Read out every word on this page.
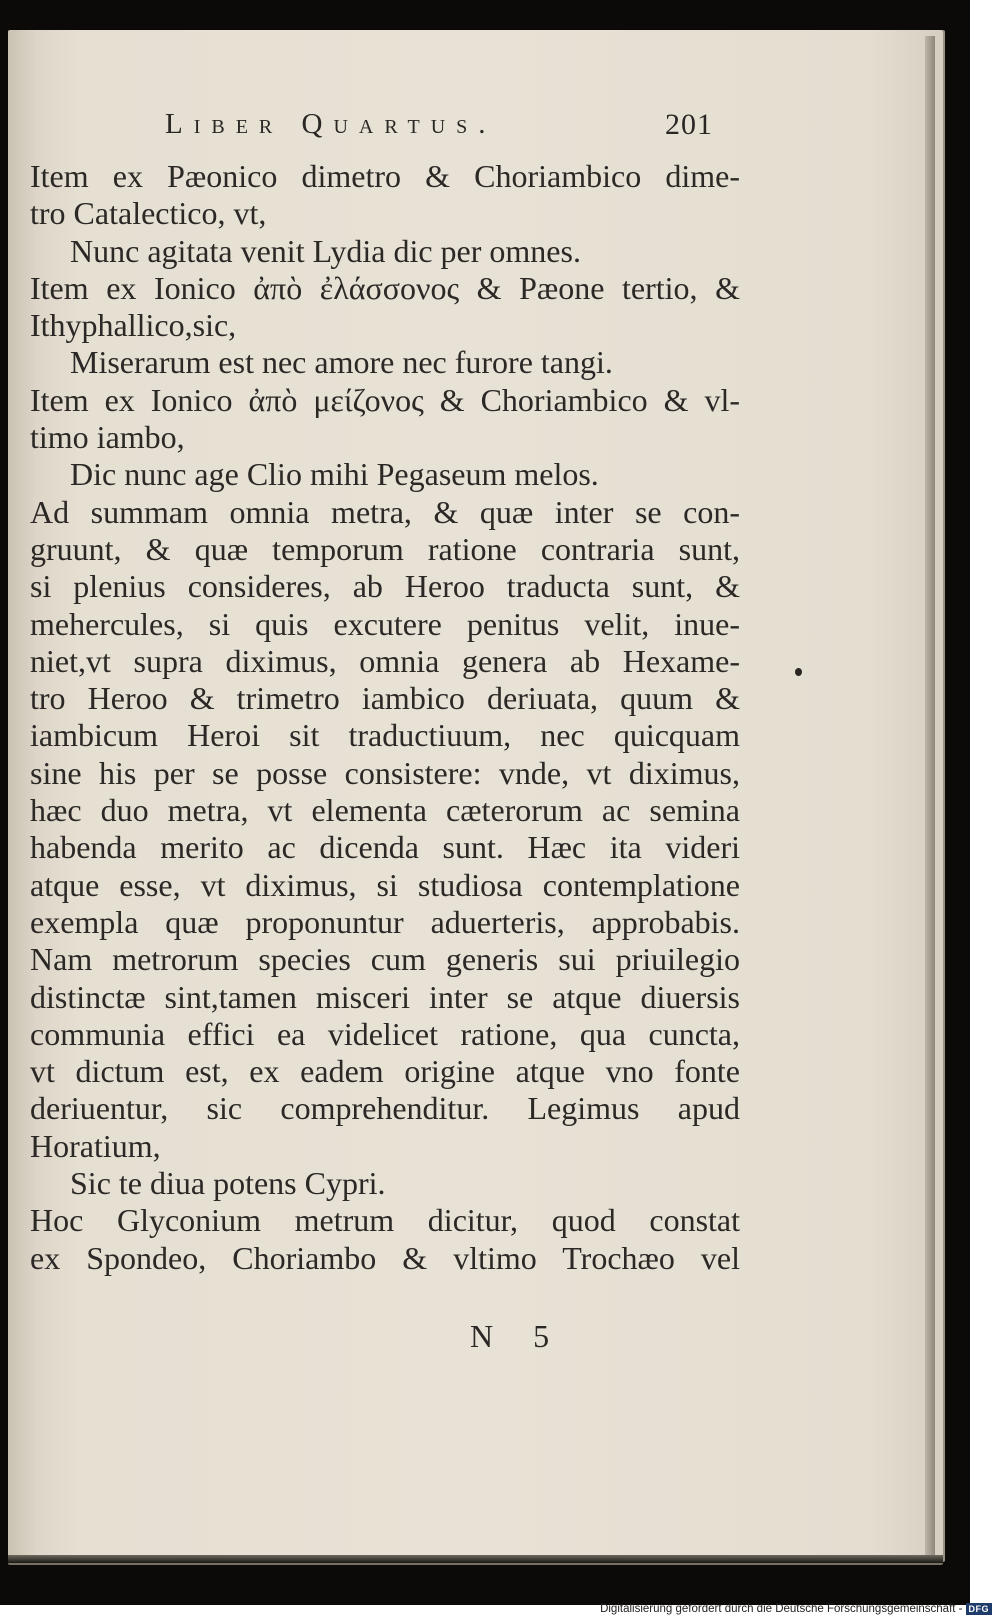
Liber Quartus.	201
Item ex Pæonico dimetro & Choriambico dime-
tro Catalectico, vt,
Nunc agitata venit Lydia dic per omnes.
Item ex Ionico ἀπὸ ἐλάσσονος & Pæone tertio, &
Ithyphallico,sic,
Miserarum est nec amore nec furore tangi.
Item ex Ionico ἀπὸ μείζονος & Choriambico & vl-
timo iambo,
Dic nunc age Clio mihi Pegaseum melos.
Ad summam omnia metra, & quæ inter se con-
gruunt, & quæ temporum ratione contraria sunt,
si plenius consideres, ab Heroo traducta sunt, &
mehercules, si quis excutere penitus velit, inue-
niet,vt supra diximus, omnia genera ab Hexame-
tro Heroo & trimetro iambico deriuata, quum &
iambicum Heroi sit traductiuum, nec quicquam
sine his per se posse consistere: vnde, vt diximus,
hæc duo metra, vt elementa cæterorum ac semina
habenda merito ac dicenda sunt. Hæc ita videri
atque esse, vt diximus, si studiosa contemplatione
exempla quæ proponuntur aduerteris, approbabis.
Nam metrorum species cum generis sui priuilegio
distinctæ sint,tamen misceri inter se atque diuersis
communia effici ea videlicet ratione, qua cuncta,
vt dictum est, ex eadem origine atque vno fonte
deriuentur, sic comprehenditur. Legimus apud
Horatium,
Sic te diua potens Cypri.
Hoc Glyconium metrum dicitur, quod constat
ex Spondeo, Choriambo & vltimo Trochæo vel
N 5
Digitalisierung gefördert durch die Deutsche Forschungsgemeinschaft - DFG
